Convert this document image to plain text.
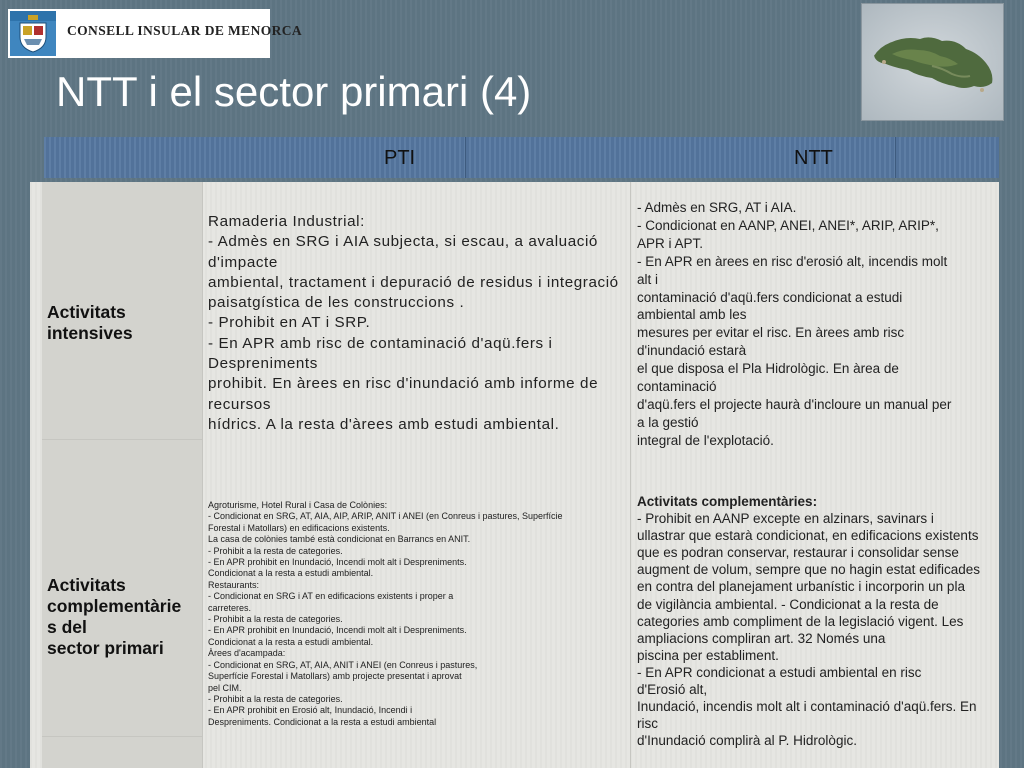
CONSELL INSULAR DE MENORCA
NTT i el sector primari (4)
PTI	NTT
Activitats intensives
Ramaderia Industrial:
- Admès en SRG i AIA subjecta, si escau, a avaluació
d'impacte
ambiental, tractament i depuració de residus i integració
paisatgística de les construccions .
- Prohibit en AT i SRP.
- En APR amb risc de contaminació d'aqü.fers i
Despreniments
prohibit. En àrees en risc d'inundació amb informe de
recursos
hídrics. A la resta d'àrees amb estudi ambiental.
- Admès en SRG, AT i AIA.
- Condicionat en AANP, ANEI, ANEI*, ARIP, ARIP*,
APR i APT.
- En APR en àrees en risc d'erosió alt, incendis molt
alt i
contaminació d'aqü.fers condicionat a estudi
ambiental amb les
mesures per evitar el risc. En àrees amb risc
d'inundació estarà
el que disposa el Pla Hidrològic. En àrea de
contaminació
d'aqü.fers el projecte haurà d'incloure un manual per
a la gestió
integral de l'explotació.
Activitats
complementàrie
s del
sector primari
Agroturisme, Hotel Rural i Casa de Colònies:
- Condicionat en SRG, AT, AIA, AIP, ARIP, ANIT i ANEI (en Conreus i pastures, Superfície
Forestal i Matollars) en edificacions existents.
La casa de colònies també està condicionat en Barrancs en ANIT.
- Prohibit a la resta de categories.
- En APR prohibit en Inundació, Incendi molt alt i Despreniments.
Condicionat a la resta a estudi ambiental.
Restaurants:
- Condicionat en SRG i AT en edificacions existents i proper a
carreteres.
- Prohibit a la resta de categories.
- En APR prohibit en Inundació, Incendi molt alt i Despreniments.
Condicionat a la resta a estudi ambiental.
Àrees d'acampada:
- Condicionat en SRG, AT, AIA, ANIT i ANEI (en Conreus i pastures,
Superfície Forestal i Matollars) amb projecte presentat i aprovat
pel CIM.
- Prohibit a la resta de categories.
- En APR prohibit en Erosió alt, Inundació, Incendi i
Despreniments. Condicionat a la resta a estudi ambiental
Activitats complementàries:
- Prohibit en AANP excepte en alzinars, savinars i
ullastrar que estarà condicionat, en edificacions existents
que es podran conservar, restaurar i consolidar sense
augment de volum, sempre que no hagin estat edificades
en contra del planejament urbanístic i incorporin un pla
de vigilància ambiental. - Condicionat a la resta de
categories amb compliment de la legislació vigent. Les
ampliacions compliran art. 32 Només una
piscina per establiment.
- En APR condicionat a estudi ambiental en risc
d'Erosió alt,
Inundació, incendis molt alt i contaminació d'aqü.fers. En
risc
d'Inundació complirà al P. Hidrològic.
